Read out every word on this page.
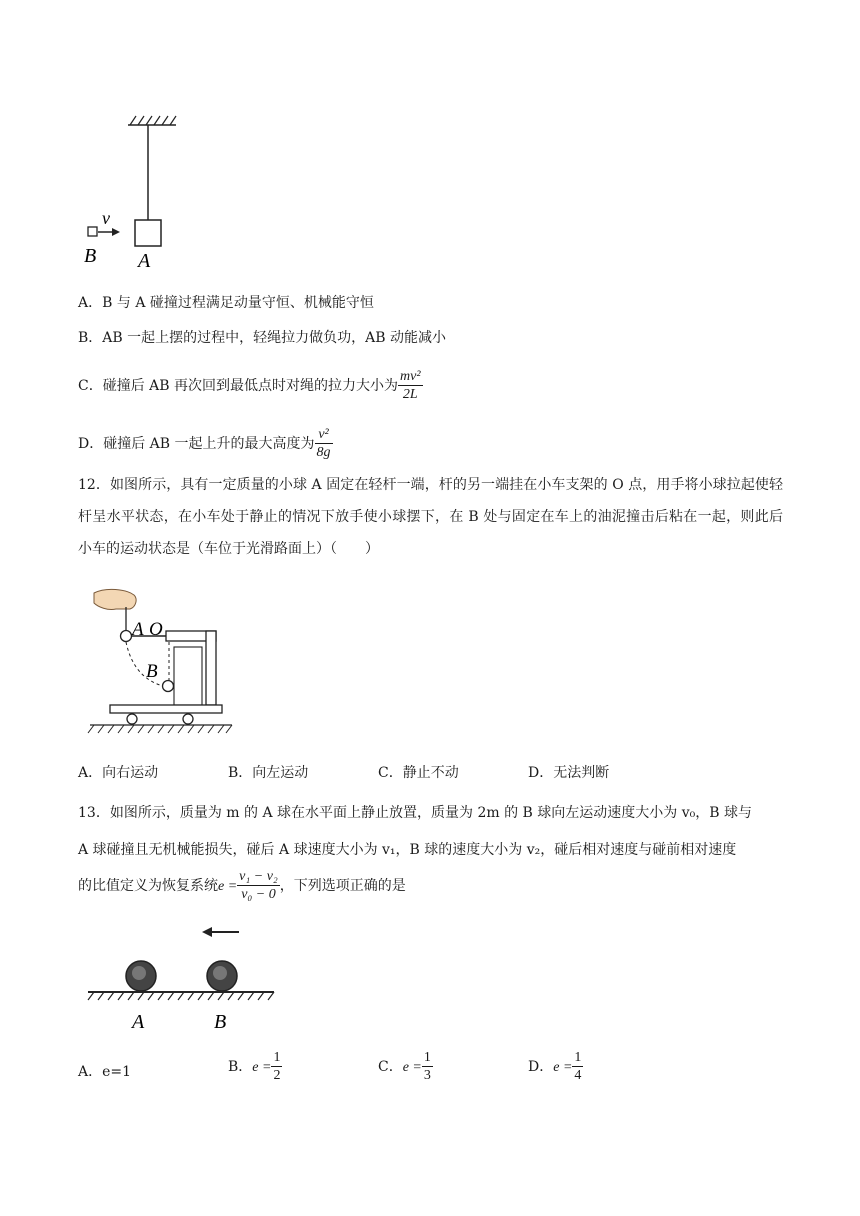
v
B A
A．B 与 A 碰撞过程满足动量守恒、机械能守恒
B．AB 一起上摆的过程中，轻绳拉力做负功，AB 动能减小
C．碰撞后 AB 再次回到最低点时对绳的拉力大小为 $\frac{\text{mv²}}{2L}$
D．碰撞后 AB 一起上升的最大高度为 $\frac{\text{v²}}{8g}$
12．如图所示，具有一定质量的小球 A 固定在轻杆一端，杆的另一端挂在小车支架的 O 点，用手将小球拉起使轻杆呈水平状态，在小车处于静止的情况下放手使小球摆下，在 B 处与固定在车上的油泥撞击后粘在一起，则此后小车的运动状态是（车位于光滑路面上）（　　）
A O
B
A．向右运动	B．向左运动	C．静止不动	D．无法判断
13．如图所示，质量为 m 的 A 球在水平面上静止放置，质量为 2m 的 B 球向左运动速度大小为 v₀，B 球与
A 球碰撞且无机械能损失，碰后 A 球速度大小为 v₁，B 球的速度大小为 v₂，碰后相对速度与碰前相对速度
的比值定义为恢复系统$e = \frac{\text{v₁ − v₂}}{\text{v₀ − 0}}$ ，下列选项正确的是
A	B
A．e=1	B．$e = \frac{1}{2}$	C．$e = \frac{1}{3}$	D．$e = \frac{1}{4}$
